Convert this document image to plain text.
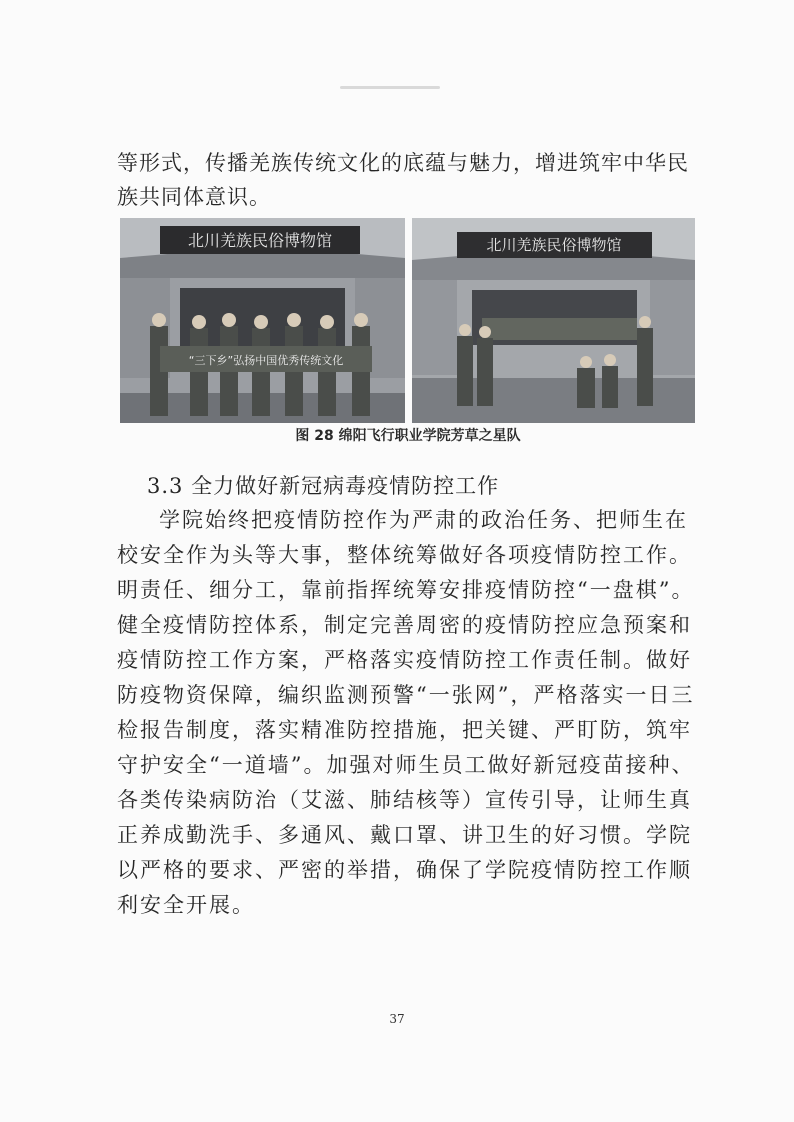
等形式，传播羌族传统文化的底蕴与魅力，增进筑牢中华民族共同体意识。
北川羌族民俗博物馆
“三下乡”弘扬中国优秀传统文化
北川羌族民俗博物馆
图 28 绵阳飞行职业学院芳草之星队
3.3 全力做好新冠病毒疫情防控工作
学院始终把疫情防控作为严肃的政治任务、把师生在校安全作为头等大事，整体统筹做好各项疫情防控工作。明责任、细分工，靠前指挥统筹安排疫情防控“一盘棋”。健全疫情防控体系，制定完善周密的疫情防控应急预案和疫情防控工作方案，严格落实疫情防控工作责任制。做好防疫物资保障，编织监测预警“一张网”，严格落实一日三检报告制度，落实精准防控措施，把关键、严盯防，筑牢守护安全“一道墙”。加强对师生员工做好新冠疫苗接种、各类传染病防治（艾滋、肺结核等）宣传引导，让师生真正养成勤洗手、多通风、戴口罩、讲卫生的好习惯。学院以严格的要求、严密的举措，确保了学院疫情防控工作顺利安全开展。
37
